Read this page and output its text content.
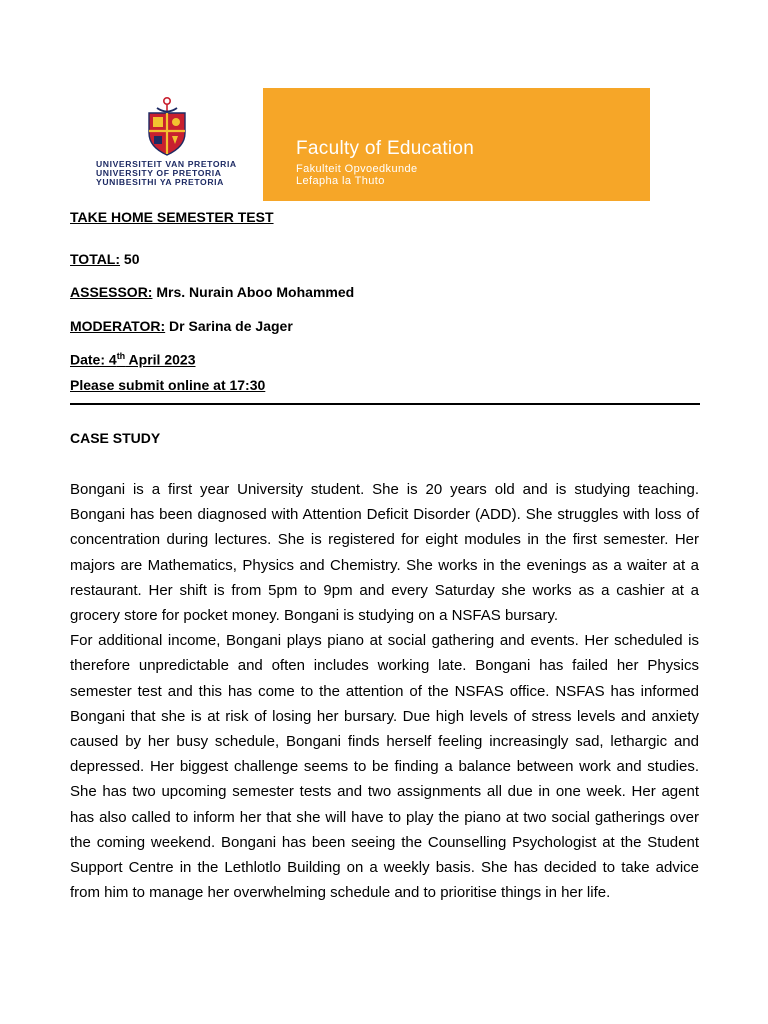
UNIVERSITEIT VAN PRETORIA
UNIVERSITY OF PRETORIA
YUNIBESITHI YA PRETORIA
Faculty of Education
Fakulteit Opvoedkunde
Lefapha la Thuto
TAKE HOME SEMESTER TEST
TOTAL: 50
ASSESSOR: Mrs. Nurain Aboo Mohammed
MODERATOR: Dr Sarina de Jager
Date: 4th April 2023
Please submit online at 17:30
CASE STUDY

Bongani is a first year University student. She is 20 years old and is studying teaching. Bongani has been diagnosed with Attention Deficit Disorder (ADD). She struggles with loss of concentration during lectures. She is registered for eight modules in the first semester. Her majors are Mathematics, Physics and Chemistry. She works in the evenings as a waiter at a restaurant. Her shift is from 5pm to 9pm and every Saturday she works as a cashier at a grocery store for pocket money. Bongani is studying on a NSFAS bursary.

For additional income, Bongani plays piano at social gathering and events. Her scheduled is therefore unpredictable and often includes working late. Bongani has failed her Physics semester test and this has come to the attention of the NSFAS office. NSFAS has informed Bongani that she is at risk of losing her bursary. Due high levels of stress levels and anxiety caused by her busy schedule, Bongani finds herself feeling increasingly sad, lethargic and depressed. Her biggest challenge seems to be finding a balance between work and studies. She has two upcoming semester tests and two assignments all due in one week. Her agent has also called to inform her that she will have to play the piano at two social gatherings over the coming weekend. Bongani has been seeing the Counselling Psychologist at the Student Support Centre in the Lethlotlo Building on a weekly basis. She has decided to take advice from him to manage her overwhelming schedule and to prioritise things in her life.
